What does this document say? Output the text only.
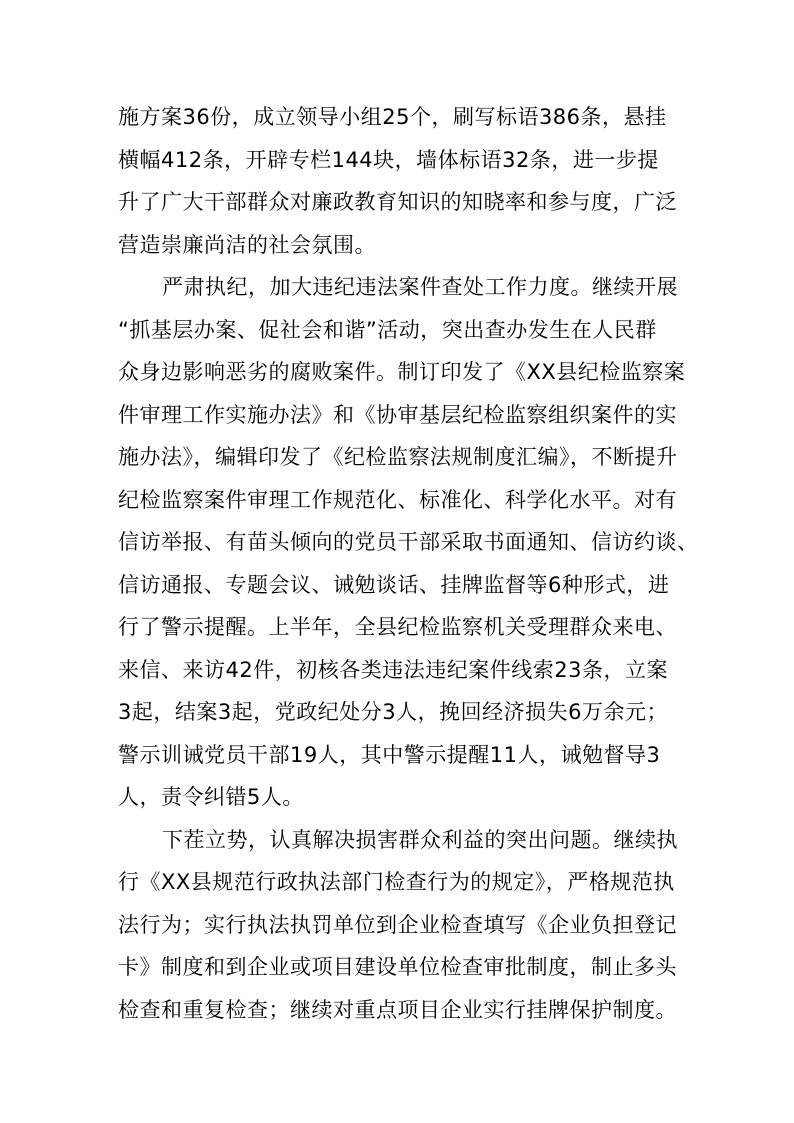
施方案36份，成立领导小组25个，刷写标语386条，悬挂
横幅412条，开辟专栏144块，墙体标语32条，进一步提
升了广大干部群众对廉政教育知识的知晓率和参与度，广泛
营造崇廉尚洁的社会氛围。
严肃执纪，加大违纪违法案件查处工作力度。继续开展
“抓基层办案、促社会和谐”活动，突出查办发生在人民群
众身边影响恶劣的腐败案件。制订印发了《XX县纪检监察案
件审理工作实施办法》和《协审基层纪检监察组织案件的实
施办法》，编辑印发了《纪检监察法规制度汇编》，不断提升
纪检监察案件审理工作规范化、标准化、科学化水平。对有
信访举报、有苗头倾向的党员干部采取书面通知、信访约谈、
信访通报、专题会议、诫勉谈话、挂牌监督等6种形式，进
行了警示提醒。上半年，全县纪检监察机关受理群众来电、
来信、来访42件，初核各类违法违纪案件线索23条，立案
3起，结案3起，党政纪处分3人，挽回经济损失6万余元；
警示训诫党员干部19人，其中警示提醒11人，诫勉督导3
人，责令纠错5人。
下茬立势，认真解决损害群众利益的突出问题。继续执
行《XX县规范行政执法部门检查行为的规定》，严格规范执
法行为；实行执法执罚单位到企业检查填写《企业负担登记
卡》制度和到企业或项目建设单位检查审批制度，制止多头
检查和重复检查；继续对重点项目企业实行挂牌保护制度。
